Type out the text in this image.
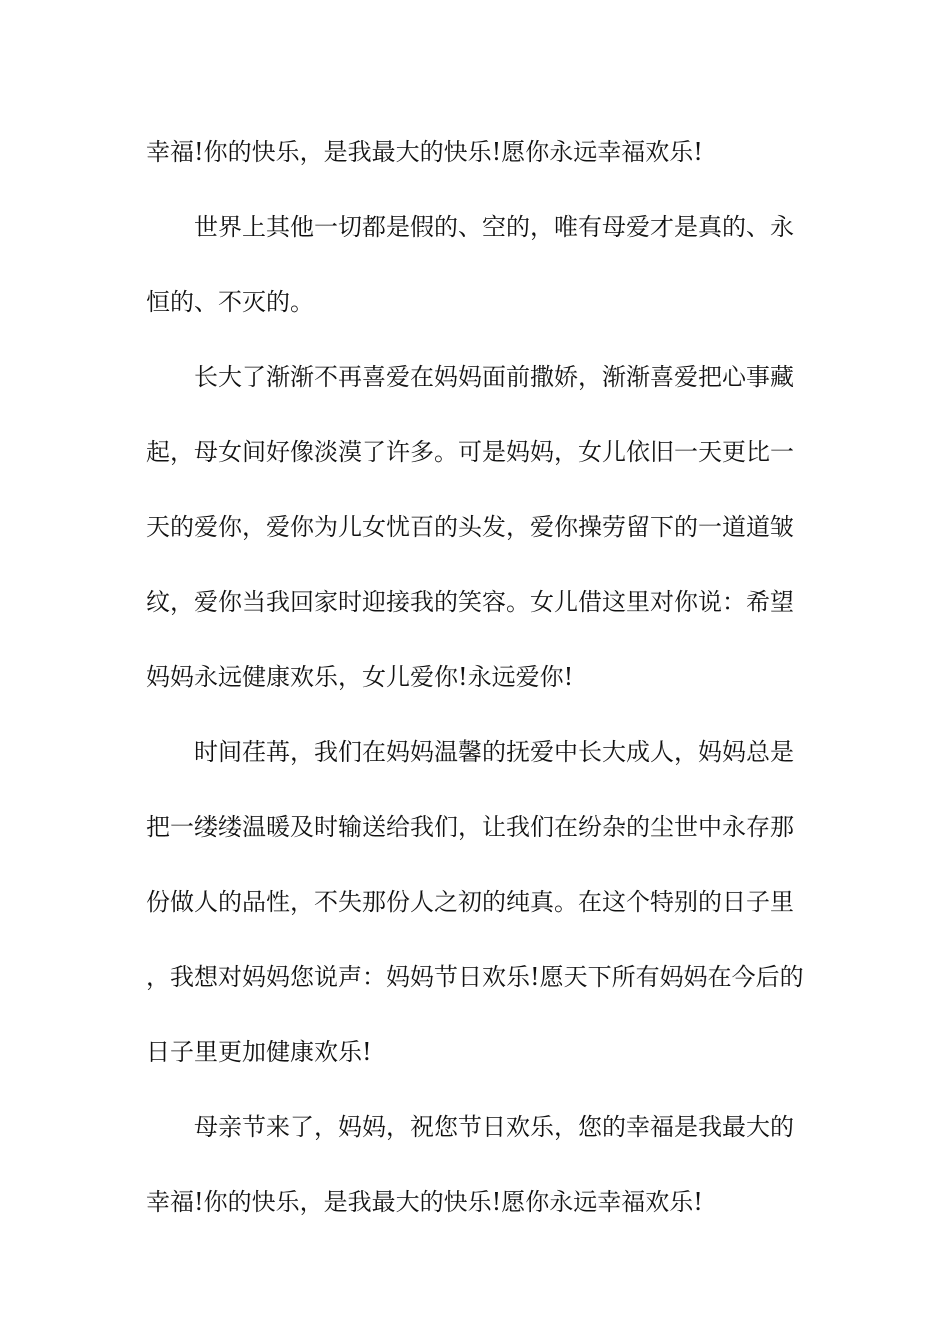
幸福!你的快乐，是我最大的快乐!愿你永远幸福欢乐!

世界上其他一切都是假的、空的，唯有母爱才是真的、永恒的、不灭的。

长大了渐渐不再喜爱在妈妈面前撒娇，渐渐喜爱把心事藏起，母女间好像淡漠了许多。可是妈妈，女儿依旧一天更比一天的爱你，爱你为儿女忧百的头发，爱你操劳留下的一道道皱纹，爱你当我回家时迎接我的笑容。女儿借这里对你说：希望妈妈永远健康欢乐，女儿爱你!永远爱你!

时间荏苒，我们在妈妈温馨的抚爱中长大成人，妈妈总是把一缕缕温暖及时输送给我们，让我们在纷杂的尘世中永存那份做人的品性，不失那份人之初的纯真。在这个特别的日子里，我想对妈妈您说声：妈妈节日欢乐!愿天下所有妈妈在今后的日子里更加健康欢乐!

母亲节来了，妈妈，祝您节日欢乐，您的幸福是我最大的幸福!你的快乐，是我最大的快乐!愿你永远幸福欢乐!
